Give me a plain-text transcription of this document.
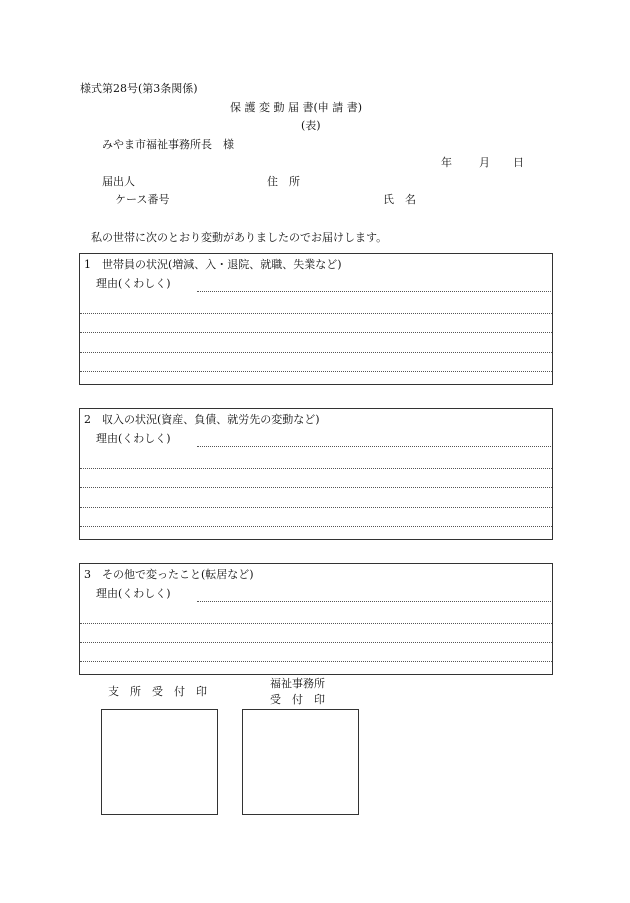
様式第28号(第3条関係)
保 護 変 動 届 書(申 請 書)
(表)
みやま市福祉事務所長　様
年 月 日
届出人	住　所
ケース番号	氏　名
私の世帯に次のとおり変動がありましたのでお届けします。
1　世帯員の状況(増減、入・退院、就職、失業など)
理由(くわしく)
2　収入の状況(資産、負債、就労先の変動など)
理由(くわしく)
3　その他で変ったこと(転居など)
理由(くわしく)
支　所　受　付　印
福祉事務所
受　付　印
